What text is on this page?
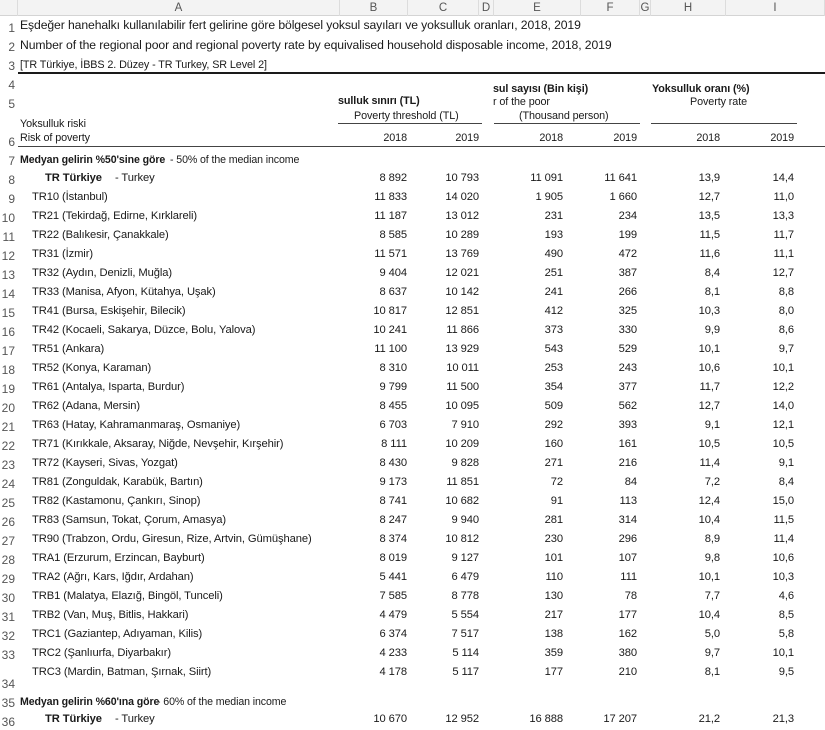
A	B	C	D	E	F	G	H	I
1
2
3
4
5
6
7
8
9
10
11
12
13
14
15
16
17
18
19
20
21
22
23
24
25
26
27
28
29
30
31
32
33
34
35
36
Eşdeğer hanehalkı kullanılabilir fert gelirine göre bölgesel yoksul sayıları ve yoksulluk oranları, 2018, 2019
Number of the regional poor and regional poverty rate by equivalised household disposable income, 2018, 2019
[TR Türkiye, İBBS 2. Düzey - TR Turkey, SR Level 2]
sulluk sınırı (TL)
Poverty threshold (TL)
sul sayısı (Bin kişi)
r of the poor
(Thousand person)
Yoksulluk oranı (%)
Poverty rate
Yoksulluk riski
Risk of poverty	2018	2019	2018	2019	2018	2019
Medyan gelirin %50'sine göre - 50% of the median income
TR Türkiye - Turkey	8 892	10 793	11 091	11 641	13,9	14,4
TR10 (İstanbul)	11 833	14 020	1 905	1 660	12,7	11,0
TR21 (Tekirdağ, Edirne, Kırklareli)	11 187	13 012	231	234	13,5	13,3
TR22 (Balıkesir, Çanakkale)	8 585	10 289	193	199	11,5	11,7
TR31 (İzmir)	11 571	13 769	490	472	11,6	11,1
TR32 (Aydın, Denizli, Muğla)	9 404	12 021	251	387	8,4	12,7
TR33 (Manisa, Afyon, Kütahya, Uşak)	8 637	10 142	241	266	8,1	8,8
TR41 (Bursa, Eskişehir, Bilecik)	10 817	12 851	412	325	10,3	8,0
TR42 (Kocaeli, Sakarya, Düzce, Bolu, Yalova)	10 241	11 866	373	330	9,9	8,6
TR51 (Ankara)	11 100	13 929	543	529	10,1	9,7
TR52 (Konya, Karaman)	8 310	10 011	253	243	10,6	10,1
TR61 (Antalya, Isparta, Burdur)	9 799	11 500	354	377	11,7	12,2
TR62 (Adana, Mersin)	8 455	10 095	509	562	12,7	14,0
TR63 (Hatay, Kahramanmaraş, Osmaniye)	6 703	7 910	292	393	9,1	12,1
TR71 (Kırıkkale, Aksaray, Niğde, Nevşehir, Kırşehir)	8 111	10 209	160	161	10,5	10,5
TR72 (Kayseri, Sivas, Yozgat)	8 430	9 828	271	216	11,4	9,1
TR81 (Zonguldak, Karabük, Bartın)	9 173	11 851	72	84	7,2	8,4
TR82 (Kastamonu, Çankırı, Sinop)	8 741	10 682	91	113	12,4	15,0
TR83 (Samsun, Tokat, Çorum, Amasya)	8 247	9 940	281	314	10,4	11,5
TR90 (Trabzon, Ordu, Giresun, Rize, Artvin, Gümüşhane)	8 374	10 812	230	296	8,9	11,4
TRA1 (Erzurum, Erzincan, Bayburt)	8 019	9 127	101	107	9,8	10,6
TRA2 (Ağrı, Kars, Iğdır, Ardahan)	5 441	6 479	110	111	10,1	10,3
TRB1 (Malatya, Elazığ, Bingöl, Tunceli)	7 585	8 778	130	78	7,7	4,6
TRB2 (Van, Muş, Bitlis, Hakkari)	4 479	5 554	217	177	10,4	8,5
TRC1 (Gaziantep, Adıyaman, Kilis)	6 374	7 517	138	162	5,0	5,8
TRC2 (Şanlıurfa, Diyarbakır)	4 233	5 114	359	380	9,7	10,1
TRC3 (Mardin, Batman, Şırnak, Siirt)	4 178	5 117	177	210	8,1	9,5
Medyan gelirin %60'ına göre
- 60% of the median income
TR Türkiye - Turkey	10 670	12 952	16 888	17 207	21,2	21,3
